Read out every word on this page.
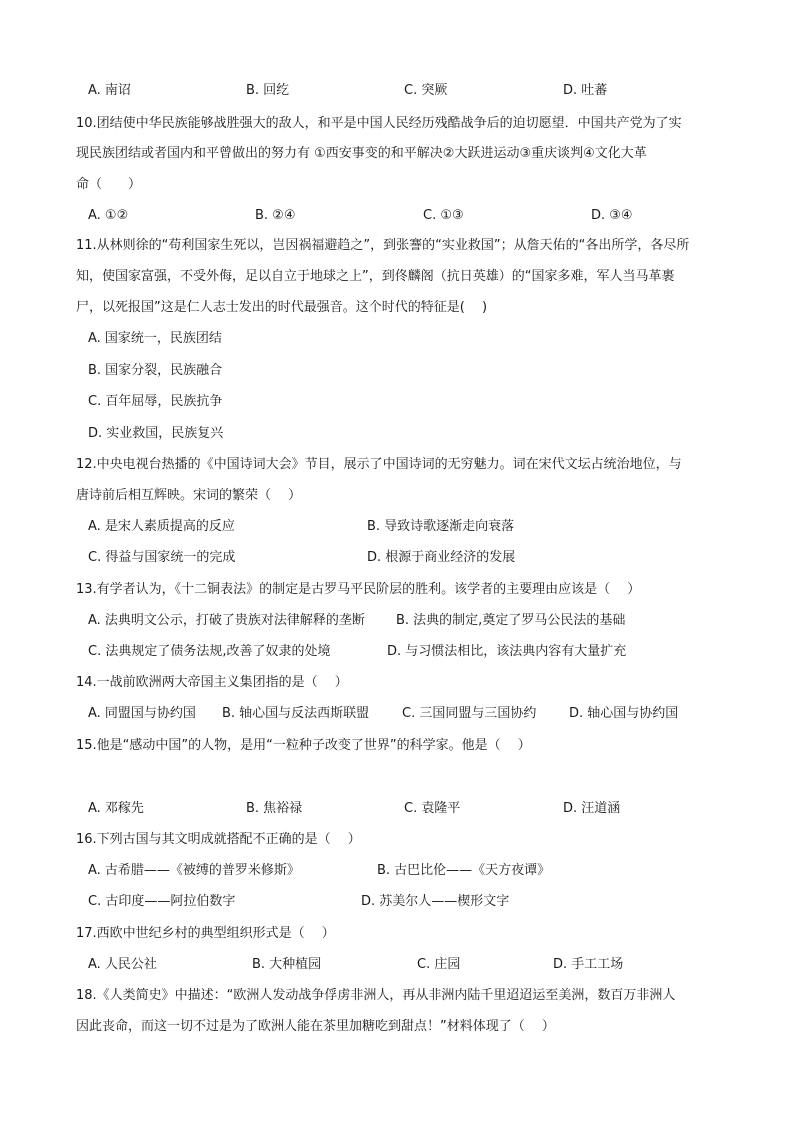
A. 南诏	B. 回纥	C. 突厥	D. 吐蕃
10.团结使中华民族能够战胜强大的敌人，和平是中国人民经历残酷战争后的迫切愿望．中国共产党为了实
现民族团结或者国内和平曾做出的努力有 ①西安事变的和平解决②大跃进运动③重庆谈判④文化大革
命（　　）
A. ①②	B. ②④	C. ①③	D. ③④
11.从林则徐的“苟利国家生死以，岂因祸福避趋之”，到张謇的“实业救国”；从詹天佑的“各出所学，各尽所
知，使国家富强，不受外侮，足以自立于地球之上”，到佟麟阁（抗日英雄）的“国家多难，军人当马革裹
尸，以死报国”这是仁人志士发出的时代最强音。这个时代的特征是(　 )
A. 国家统一，民族团结
B. 国家分裂，民族融合
C. 百年屈辱，民族抗争
D. 实业救国，民族复兴
12.中央电视台热播的《中国诗词大会》节目，展示了中国诗词的无穷魅力。词在宋代文坛占统治地位，与
唐诗前后相互辉映。宋词的繁荣（　 ）
A. 是宋人素质提高的反应	B. 导致诗歌逐渐走向衰落
C. 得益与国家统一的完成	D. 根源于商业经济的发展
13.有学者认为，《十二铜表法》的制定是古罗马平民阶层的胜利。该学者的主要理由应该是（　 ）
A. 法典明文公示，打破了贵族对法律解释的垄断 B. 法典的制定,奠定了罗马公民法的基础
C. 法典规定了债务法规,改善了奴隶的处境	D. 与习惯法相比，该法典内容有大量扩充
14.一战前欧洲两大帝国主义集团指的是（　 ）
A. 同盟国与协约国 B. 轴心国与反法西斯联盟	C. 三国同盟与三国协约	D. 轴心国与协约国
15.他是“感动中国”的人物，是用“一粒种子改变了世界”的科学家。他是（　 ）
A. 邓稼先	B. 焦裕禄	C. 袁隆平	D. 汪道涵
16.下列古国与其文明成就搭配不正确的是（　 ）
A. 古希腊——《被缚的普罗米修斯》	B. 古巴比伦——《天方夜谭》
C. 古印度——阿拉伯数字	D. 苏美尔人——楔形文字
17.西欧中世纪乡村的典型组织形式是（　 ）
A. 人民公社	B. 大种植园	C. 庄园	D. 手工工场
18.《人类简史》中描述：“欧洲人发动战争俘虏非洲人，再从非洲内陆千里迢迢运至美洲，数百万非洲人
因此丧命，而这一切不过是为了欧洲人能在茶里加糖吃到甜点！”材料体现了（　 ）
